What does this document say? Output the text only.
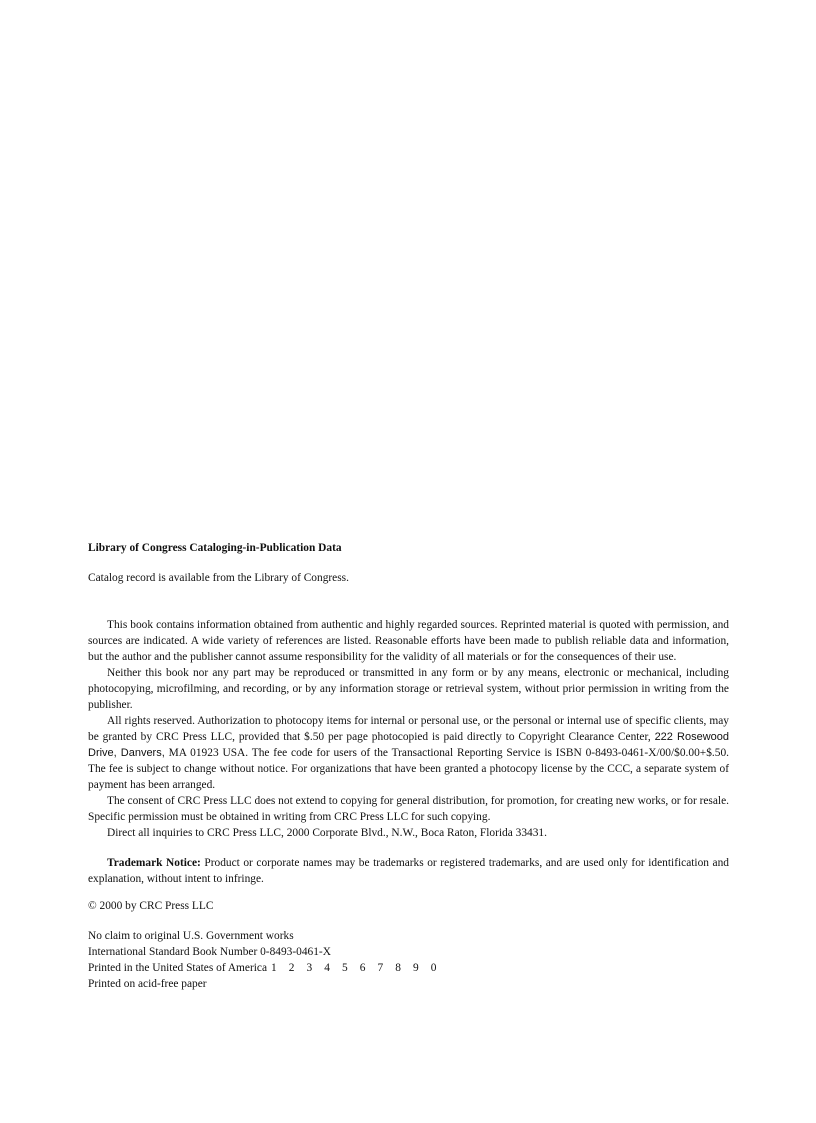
Library of Congress Cataloging-in-Publication Data

Catalog record is available from the Library of Congress.

This book contains information obtained from authentic and highly regarded sources. Reprinted material is quoted with permission, and sources are indicated. A wide variety of references are listed. Reasonable efforts have been made to publish reliable data and information, but the author and the publisher cannot assume responsibility for the validity of all materials or for the consequences of their use.

Neither this book nor any part may be reproduced or transmitted in any form or by any means, electronic or mechanical, including photocopying, microfilming, and recording, or by any information storage or retrieval system, without prior permission in writing from the publisher.

All rights reserved. Authorization to photocopy items for internal or personal use, or the personal or internal use of specific clients, may be granted by CRC Press LLC, provided that $.50 per page photocopied is paid directly to Copyright Clearance Center, 222 Rosewood Drive, Danvers, MA 01923 USA. The fee code for users of the Transactional Reporting Service is ISBN 0-8493-0461-X/00/$0.00+$.50. The fee is subject to change without notice. For organizations that have been granted a photocopy license by the CCC, a separate system of payment has been arranged.

The consent of CRC Press LLC does not extend to copying for general distribution, for promotion, for creating new works, or for resale. Specific permission must be obtained in writing from CRC Press LLC for such copying.

Direct all inquiries to CRC Press LLC, 2000 Corporate Blvd., N.W., Boca Raton, Florida 33431.

Trademark Notice: Product or corporate names may be trademarks or registered trademarks, and are used only for identification and explanation, without intent to infringe.

© 2000 by CRC Press LLC

No claim to original U.S. Government works

International Standard Book Number 0-8493-0461-X

Printed in the United States of America 1 2 3 4 5 6 7 8 9 0

Printed on acid-free paper
